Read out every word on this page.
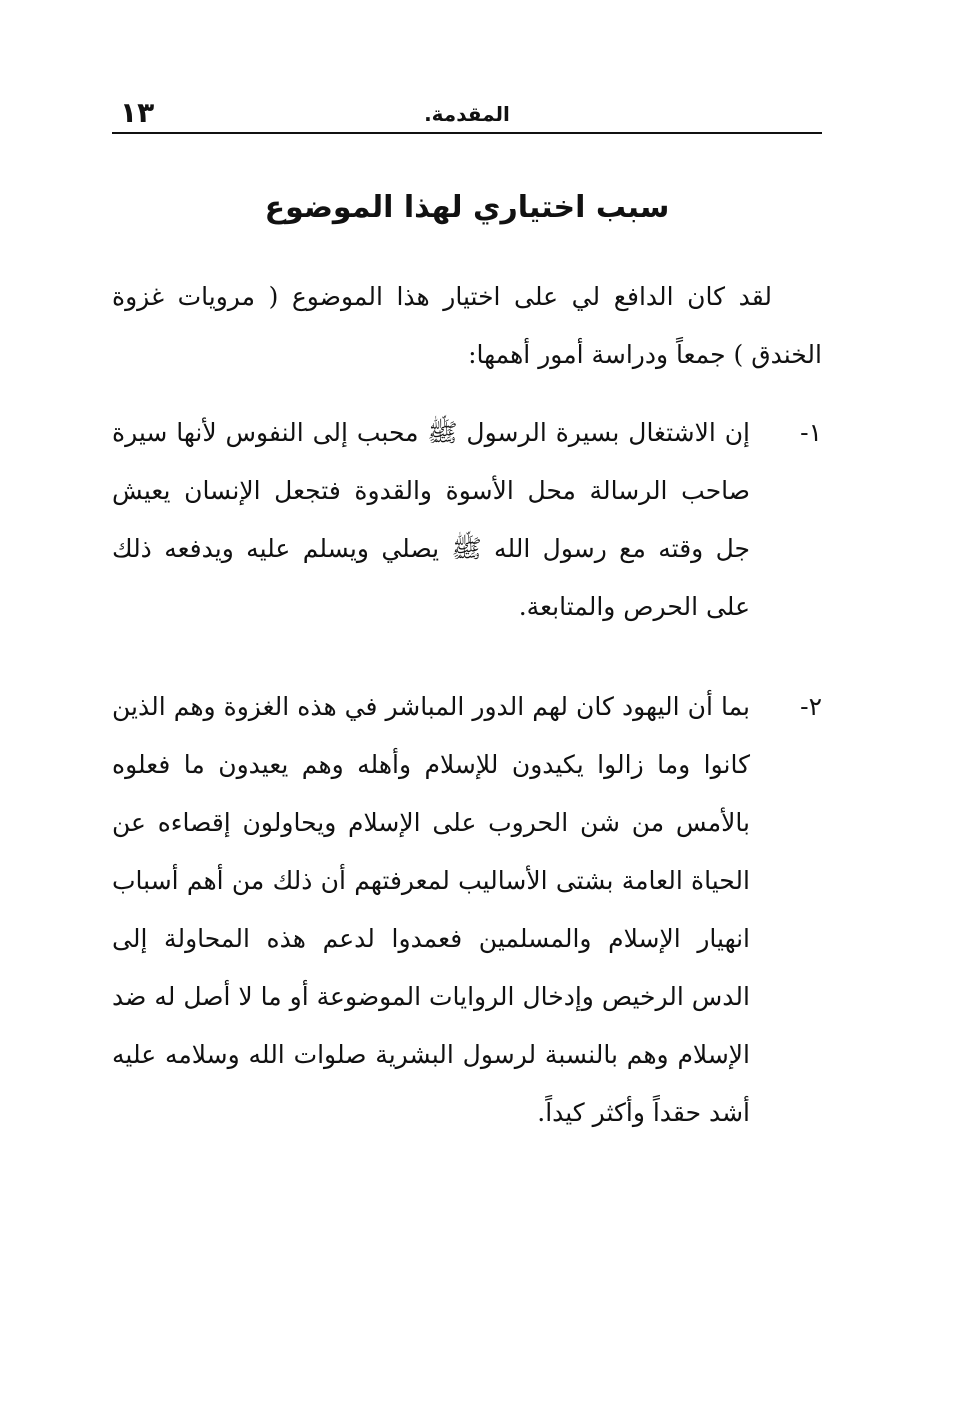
المقدمة.
١٣
سبب اختياري لهذا الموضوع

لقد كان الدافع لي على اختيار هذا الموضوع ( مرويات غزوة الخندق ) جمعاً ودراسة أمور أهمها:

١-
إن الاشتغال بسيرة الرسول ﷺ محبب إلى النفوس لأنها سيرة صاحب الرسالة محل الأسوة والقدوة فتجعل الإنسان يعيش جل وقته مع رسول الله ﷺ يصلي ويسلم عليه ويدفعه ذلك على الحرص والمتابعة.
٢-
بما أن اليهود كان لهم الدور المباشر في هذه الغزوة وهم الذين كانوا وما زالوا يكيدون للإسلام وأهله وهم يعيدون ما فعلوه بالأمس من شن الحروب على الإسلام ويحاولون إقصاءه عن الحياة العامة بشتى الأساليب لمعرفتهم أن ذلك من أهم أسباب انهيار الإسلام والمسلمين فعمدوا لدعم هذه المحاولة إلى الدس الرخيص وإدخال الروايات الموضوعة أو ما لا أصل له ضد الإسلام وهم بالنسبة لرسول البشرية صلوات الله وسلامه عليه أشد حقداً وأكثر كيداً.
